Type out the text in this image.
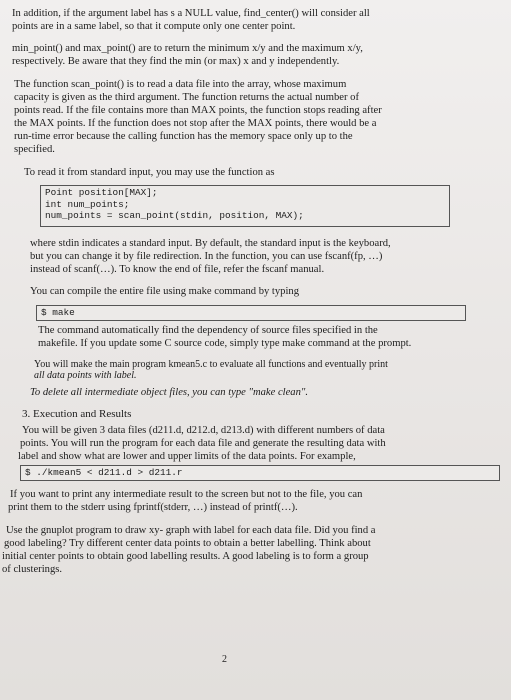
In addition, if the argument label has s a NULL value, find_center() will consider all

points are in a same label, so that it compute only one center point.

min_point() and max_point() are to return the minimum x/y and the maximum x/y,

respectively. Be aware that they find the min (or max) x and y independently.

The function scan_point() is to read a data file into the array, whose maximum

capacity is given as the third argument. The function returns the actual number of

points read. If the file contains more than MAX points, the function stops reading after

the MAX points. If the function does not stop after the MAX points, there would be a

run-time error because the calling function has the memory space only up to the

specified.

To read it from standard input, you may use the function as

Point position[MAX];
int num_points;
num_points = scan_point(stdin, position, MAX);

where stdin indicates a standard input. By default, the standard input is the keyboard,

but you can change it by file redirection. In the function, you can use fscanf(fp, …)

instead of scanf(…). To know the end of file, refer the fscanf manual.

You can compile the entire file using make command by typing

$ make

The command automatically find the dependency of source files specified in the

makefile. If you update some C source code, simply type make command at the prompt.

You will make the main program kmean5.c to evaluate all functions and eventually print

all data points with label.

To delete all intermediate object files, you can type "make clean".

3. Execution and Results

You will be given 3 data files (d211.d, d212.d, d213.d) with different numbers of data

points. You will run the program for each data file and generate the resulting data with

label and show what are lower and upper limits of the data points. For example,

$ ./kmean5 < d211.d > d211.r

If you want to print any intermediate result to the screen but not to the file, you can

print them to the stderr using fprintf(stderr, …) instead of printf(…).

Use the gnuplot program to draw xy- graph with label for each data file. Did you find a

good labeling? Try different center data points to obtain a better labelling. Think about

initial center points to obtain good labelling results. A good labeling is to form a group

of clusterings.

2
